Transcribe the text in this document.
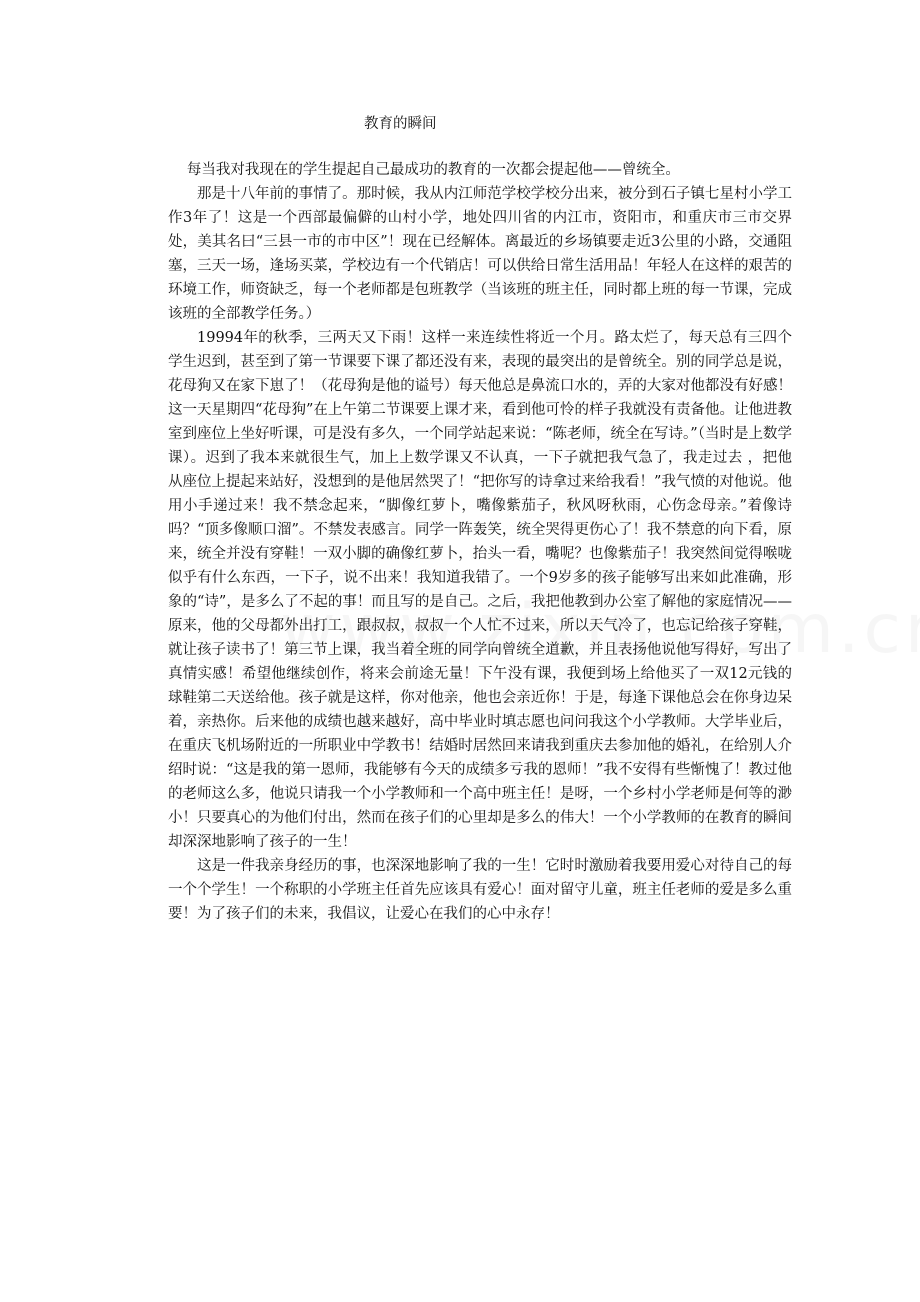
教育的瞬间

每当我对我现在的学生提起自己最成功的教育的一次都会提起他——曾统全。

那是十八年前的事情了。那时候，我从内江师范学校学校分出来，被分到石子镇七星村小学工作3年了！这是一个西部最偏僻的山村小学，地处四川省的内江市，资阳市，和重庆市三市交界处，美其名曰“三县一市的市中区”！现在已经解体。离最近的乡场镇要走近3公里的小路，交通阻塞，三天一场，逢场买菜，学校边有一个代销店！可以供给日常生活用品！年轻人在这样的艰苦的环境工作，师资缺乏，每一个老师都是包班教学（当该班的班主任，同时都上班的每一节课，完成该班的全部教学任务。）

19994年的秋季，三两天又下雨！这样一来连续性将近一个月。路太烂了，每天总有三四个学生迟到，甚至到了第一节课要下课了都还没有来，表现的最突出的是曾统全。别的同学总是说，花母狗又在家下崽了！（花母狗是他的谥号）每天他总是鼻流口水的，弄的大家对他都没有好感！这一天星期四“花母狗”在上午第二节课要上课才来，看到他可怜的样子我就没有责备他。让他进教室到座位上坐好听课，可是没有多久，一个同学站起来说：“陈老师，统全在写诗。”（当时是上数学课）。迟到了我本来就很生气，加上上数学课又不认真，一下子就把我气急了，我走过去 ，把他 从座位上提起来站好，没想到的是他居然哭了！“把你写的诗拿过来给我看！”我气愤的对他说。他用小手递过来！我不禁念起来，“脚像红萝卜，嘴像紫茄子，秋风呀秋雨，心伤念母亲。”着像诗吗？“顶多像顺口溜”。不禁发表感言。同学一阵轰笑，统全哭得更伤心了！我不禁意的向下看，原来，统全并没有穿鞋！一双小脚的确像红萝卜，抬头一看，嘴呢？也像紫茄子！我突然间觉得喉咙似乎有什么东西，一下子，说不出来！我知道我错了。一个9岁多的孩子能够写出来如此准确，形象的“诗”，是多么了不起的事！而且写的是自己。之后，我把他教到办公室了解他的家庭情况——原来，他的父母都外出打工，跟叔叔，叔叔一个人忙不过来，所以天气冷了，也忘记给孩子穿鞋，就让孩子读书了！第三节上课，我当着全班的同学向曾统全道歉，并且表扬他说他写得好，写出了真情实感！希望他继续创作，将来会前途无量！下午没有课，我便到场上给他买了一双12元钱的球鞋第二天送给他。孩子就是这样，你对他亲，他也会亲近你！于是，每逢下课他总会在你身边呆着，亲热你。后来他的成绩也越来越好，高中毕业时填志愿也问问我这个小学教师。大学毕业后，在重庆飞机场附近的一所职业中学教书！结婚时居然回来请我到重庆去参加他的婚礼，在给别人介绍时说：“这是我的第一恩师，我能够有今天的成绩多亏我的恩师！”我不安得有些惭愧了！教过他的老师这么多，他说只请我一个小学教师和一个高中班主任！是呀，一个乡村小学老师是何等的渺小！只要真心的为他们付出，然而在孩子们的心里却是多么的伟大！一个小学教师的在教育的瞬间却深深地影响了孩子的一生！

这是一件我亲身经历的事，也深深地影响了我的一生！它时时激励着我要用爱心对待自己的每一个个学生！一个称职的小学班主任首先应该具有爱心！面对留守儿童，班主任老师的爱是多么重要！为了孩子们的未来，我倡议，让爱心在我们的心中永存！
